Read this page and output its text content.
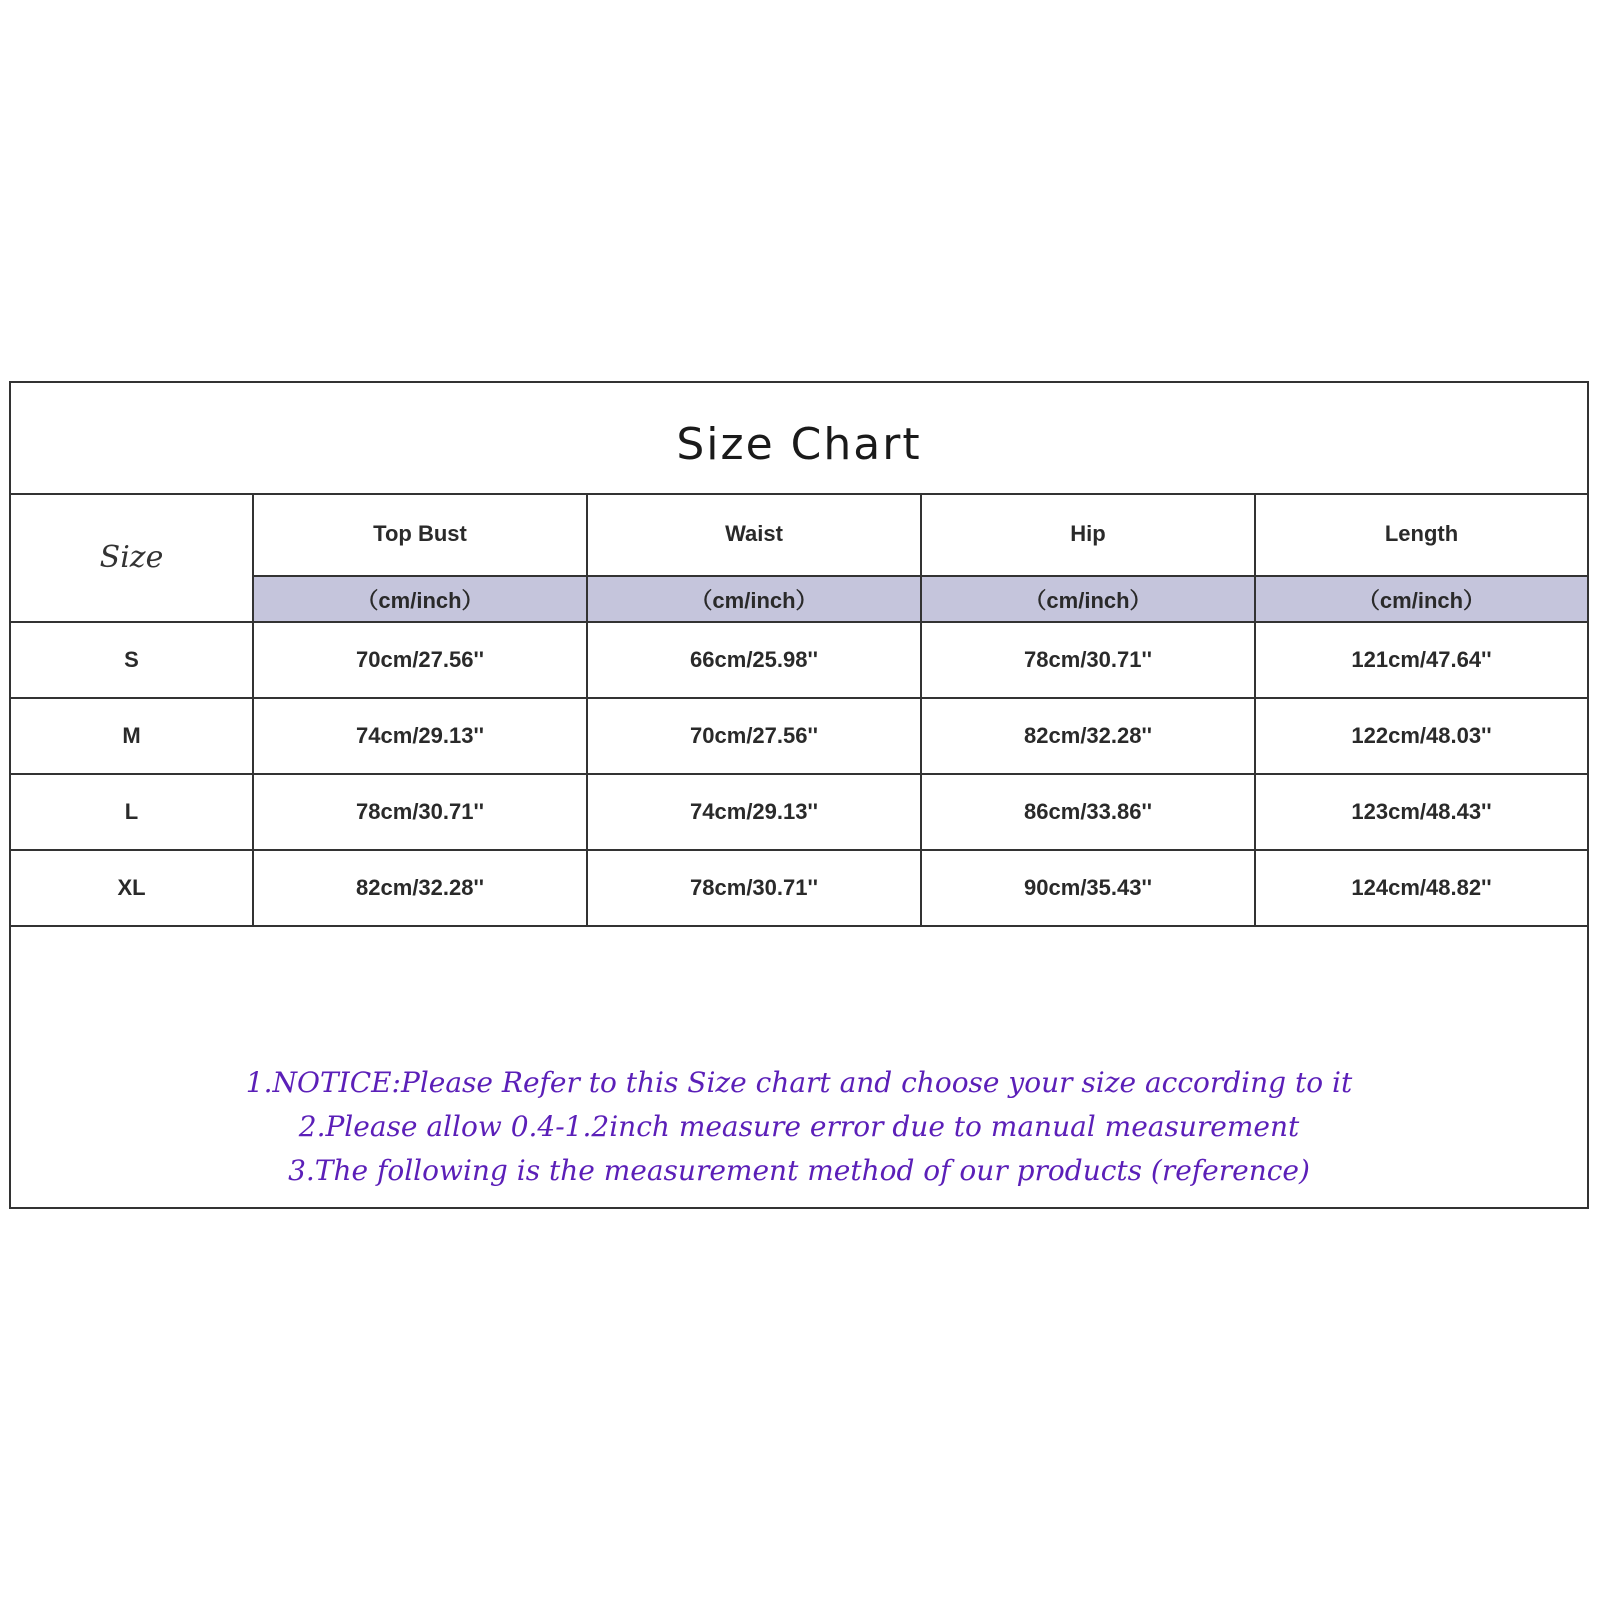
Size Chart
Size	Top Bust	Waist	Hip	Length
	（cm/inch）	（cm/inch）	（cm/inch）	（cm/inch）
S	70cm/27.56''	66cm/25.98''	78cm/30.71''	121cm/47.64''
M	74cm/29.13''	70cm/27.56''	82cm/32.28''	122cm/48.03''
L	78cm/30.71''	74cm/29.13''	86cm/33.86''	123cm/48.43''
XL	82cm/32.28''	78cm/30.71''	90cm/35.43''	124cm/48.82''
1.NOTICE:Please Refer to this Size chart and choose your size according to it
2.Please allow 0.4-1.2inch measure error due to manual measurement
3.The following is the measurement method of our products (reference)
